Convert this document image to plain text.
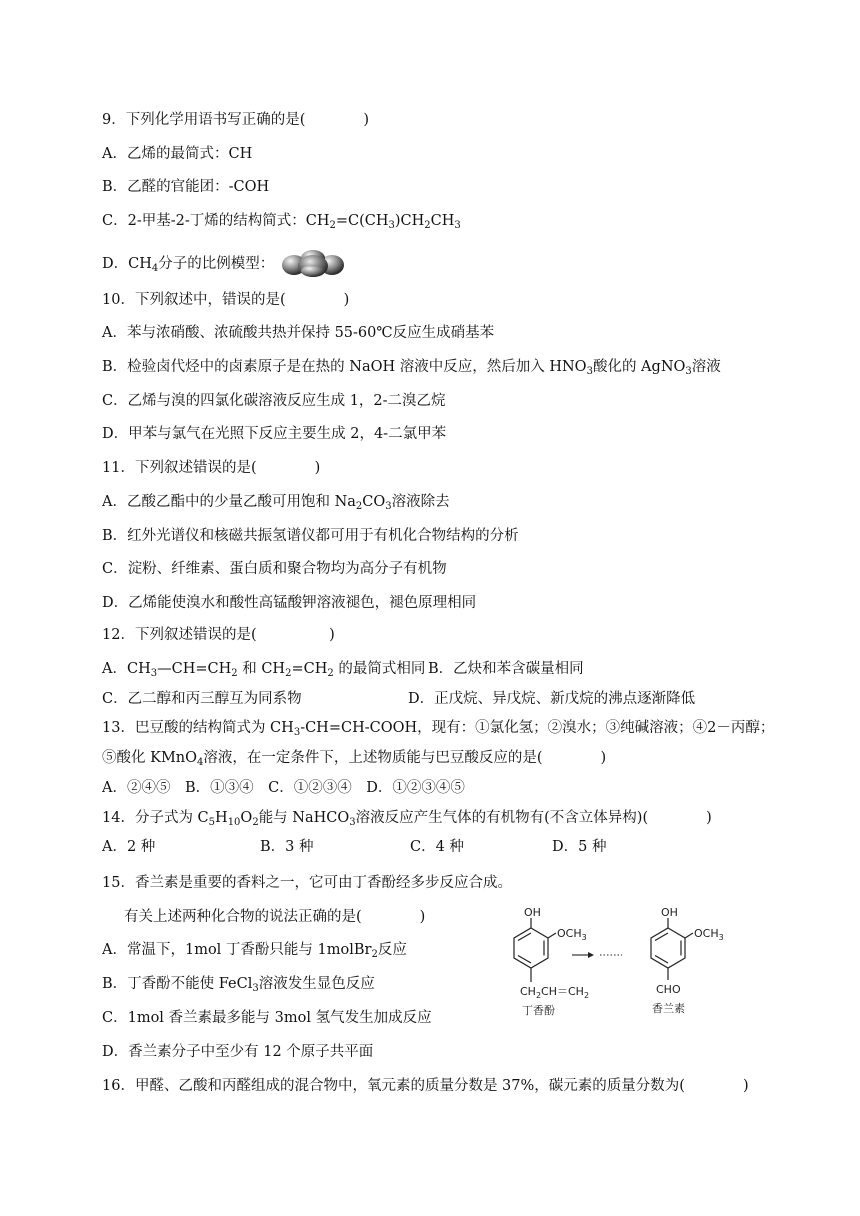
9．下列化学用语书写正确的是(　　　　)
A．乙烯的最简式：CH
B．乙醛的官能团：-COH
C．2-甲基-2-丁烯的结构简式：$CH_2=C(CH_3)CH_2CH_3$
D．$CH_4$分子的比例模型：
10．下列叙述中，错误的是(　　　　)
A．苯与浓硝酸、浓硫酸共热并保持 55-60℃反应生成硝基苯
B．检验卤代烃中的卤素原子是在热的 NaOH 溶液中反应，然后加入 $HNO_3$酸化的 AgNO$_3$溶液
C．乙烯与溴的四氯化碳溶液反应生成 1，2-二溴乙烷
D．甲苯与氯气在光照下反应主要生成 2，4-二氯甲苯
11．下列叙述错误的是(　　　　)
A．乙酸乙酯中的少量乙酸可用饱和 $Na_2CO_3$溶液除去
B．红外光谱仪和核磁共振氢谱仪都可用于有机化合物结构的分析
C．淀粉、纤维素、蛋白质和聚合物均为高分子有机物
D．乙烯能使溴水和酸性高锰酸钾溶液褪色，褪色原理相同
12．下列叙述错误的是(　　　　　)
A．$CH_3—CH=CH_2$ 和 $CH_2=CH_2$ 的最简式相同 B．乙炔和苯含碳量相同
C．乙二醇和丙三醇互为同系物	D．正戊烷、异戊烷、新戊烷的沸点逐渐降低
13．巴豆酸的结构简式为 $CH_3-CH=CH$-COOH，现有：①氯化氢；②溴水；③纯碱溶液；④2－丙醇；
⑤酸化 KMnO$_4$溶液，在一定条件下，上述物质能与巴豆酸反应的是(　　　　)
A．②④⑤　B．①③④　C．①②③④　D．①②③④⑤
14．分子式为 $C_5H_{10}O_2$能与 NaHCO$_3$溶液反应产生气体的有机物有(不含立体异构)(　　　　)
A．2 种	B．3 种	C．4 种	D．5 种
15．香兰素是重要的香料之一，它可由丁香酚经多步反应合成。
有关上述两种化合物的说法正确的是(　　　　)
A．常温下，1mol 丁香酚只能与 1molBr$_2$反应
B．丁香酚不能使 FeCl$_3$溶液发生显色反应
C．1mol 香兰素最多能与 3mol 氢气发生加成反应
D．香兰素分子中至少有 12 个原子共平面
OH
$OCH_3$
$CH_2CH=CH_2$
丁香酚
OH
$OCH_3$
CHO
香兰素
16．甲醛、乙酸和丙醛组成的混合物中，氧元素的质量分数是 37%，碳元素的质量分数为(　　　　)
